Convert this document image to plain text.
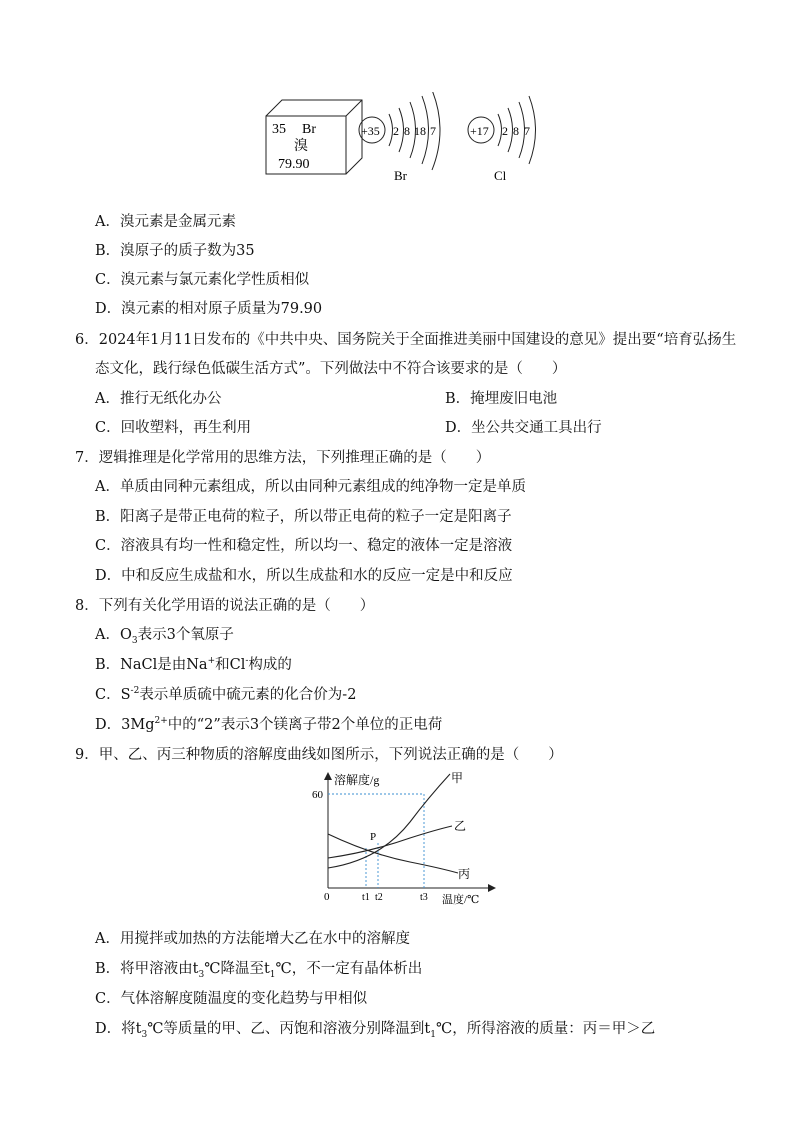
35 Br
溴
79.90
+35 2 8 18 7
Br
+17 2 8 7
Cl
A．溴元素是金属元素
B．溴原子的质子数为35
C．溴元素与氯元素化学性质相似
D．溴元素的相对原子质量为79.90
6．2024年1月11日发布的《中共中央、国务院关于全面推进美丽中国建设的意见》提出要“培育弘扬生
态文化，践行绿色低碳生活方式”。下列做法中不符合该要求的是（　　）
A．推行无纸化办公	B．掩埋废旧电池
C．回收塑料，再生利用	D．坐公共交通工具出行
7．逻辑推理是化学常用的思维方法，下列推理正确的是（　　）
A．单质由同种元素组成，所以由同种元素组成的纯净物一定是单质
B．阳离子是带正电荷的粒子，所以带正电荷的粒子一定是阳离子
C．溶液具有均一性和稳定性，所以均一、稳定的液体一定是溶液
D．中和反应生成盐和水，所以生成盐和水的反应一定是中和反应
8．下列有关化学用语的说法正确的是（　　）
A．$O_3$表示3个氧原子
B．NaCl是由Na+和Cl-构成的
C．$S^{-2}$表示单质硫中硫元素的化合价为-2
D．$3Mg^{2+}$中的“2”表示3个镁离子带2个单位的正电荷
9．甲、乙、丙三种物质的溶解度曲线如图所示，下列说法正确的是（　　）
溶解度/g
温度/℃
0
60
P
t1 t2	t3
甲
乙
丙
A．用搅拌或加热的方法能增大乙在水中的溶解度
B．将甲溶液由$t_3℃$降温至$t_1℃$，不一定有晶体析出
C．气体溶解度随温度的变化趋势与甲相似
D．将$t_3℃$等质量的甲、乙、丙饱和溶液分别降温到$t_1℃$，所得溶液的质量：丙＝甲＞乙
